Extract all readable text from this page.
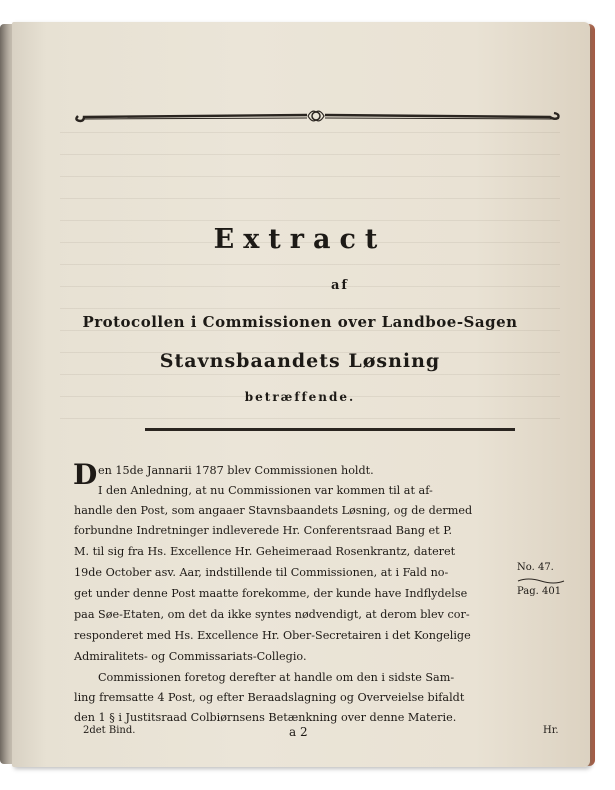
Extract
af
Protocollen i Commissionen over Landboe-Sagen
Stavnsbaandets Løsning
betræffende.
D en 15de Jannarii 1787 blev Commissionen holdt.
I den Anledning, at nu Commissionen var kommen til at af-
handle den Post, som angaaer Stavnsbaandets Løsning, og de dermed
forbundne Indretninger indleverede Hr. Conferentsraad Bang et P.
M. til sig fra Hs. Excellence Hr. Geheimeraad Rosenkrantz, dateret
19de October asv. Aar, indstillende til Commissionen, at i Fald no-
get under denne Post maatte forekomme, der kunde have Indflydelse
paa Søe-Etaten, om det da ikke syntes nødvendigt, at derom blev cor-
responderet med Hs. Excellence Hr. Ober-Secretairen i det Kongelige
Admiralitets- og Commissariats-Collegio.
Commissionen foretog derefter at handle om den i sidste Sam-
ling fremsatte 4 Post, og efter Beraadslagning og Overveielse bifaldt
den 1 § i Justitsraad Colbiørnsens Betænkning over denne Materie.
No. 47.
Pag. 401
2det Bind.	a 2	Hr.
